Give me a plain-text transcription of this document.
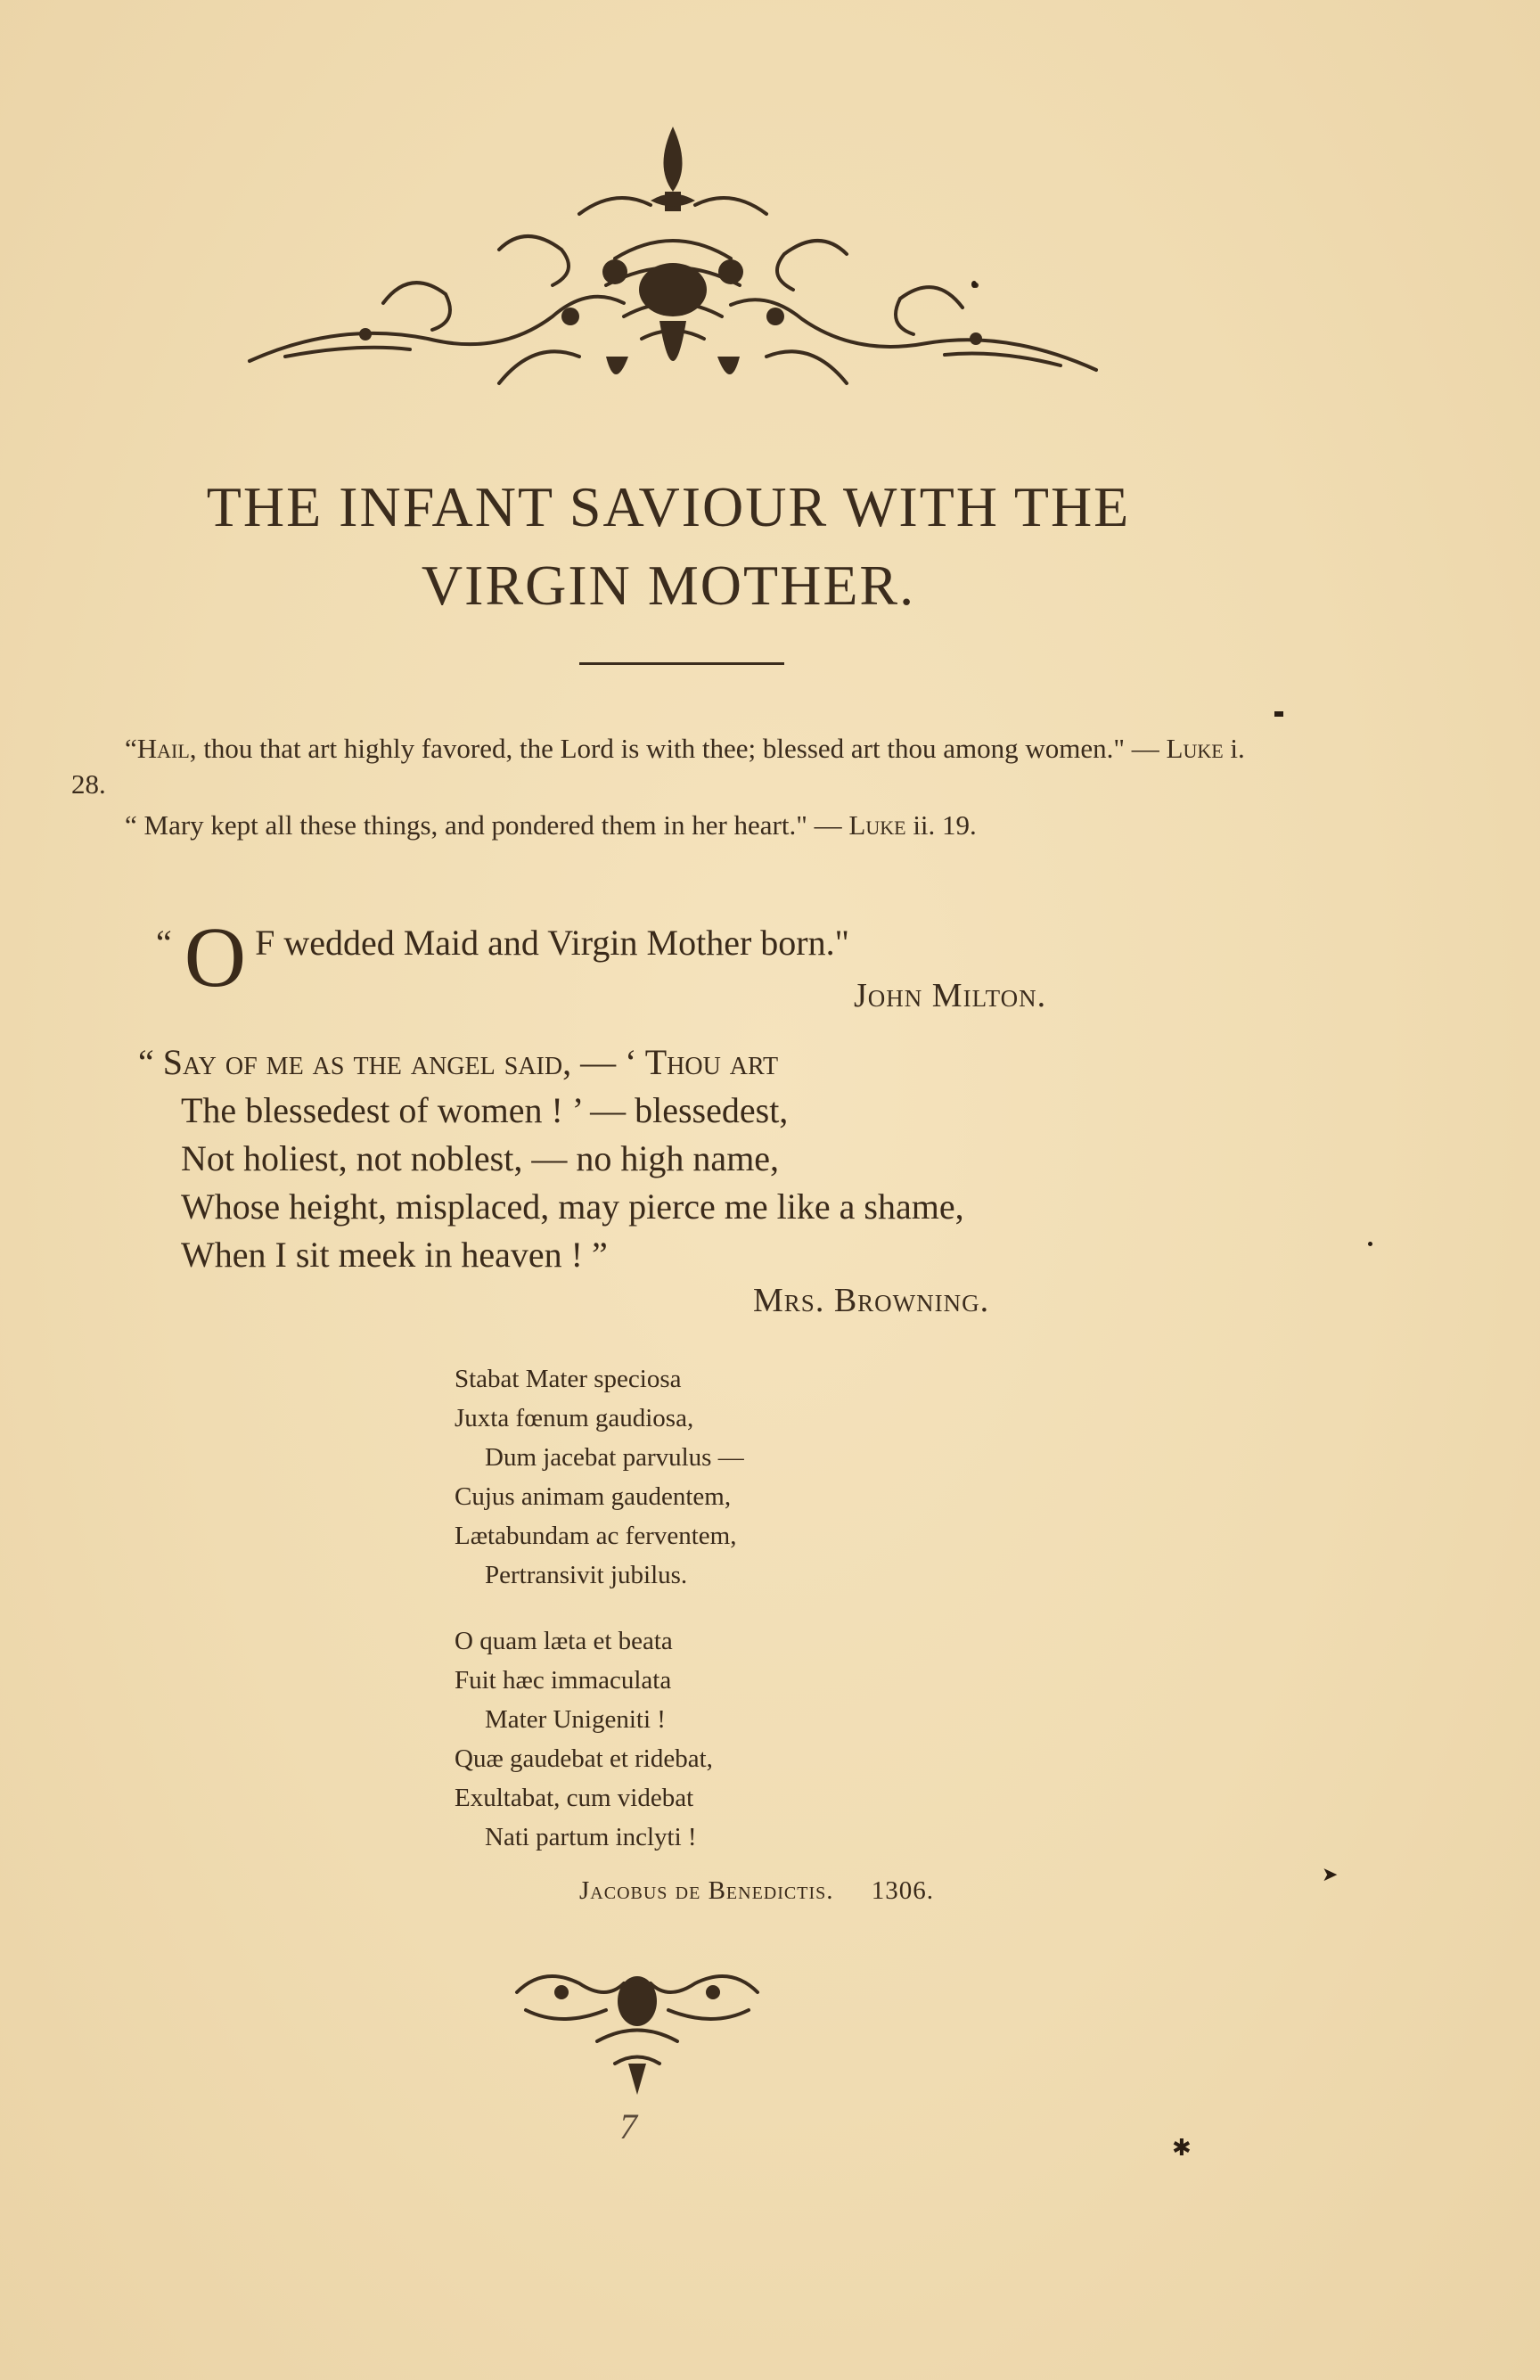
THE INFANT SAVIOUR WITH THE
VIRGIN MOTHER.

“Hail, thou that art highly favored, the Lord is with thee; blessed art thou among women." — Luke i. 28.

“ Mary kept all these things, and pondered them in her heart." — Luke ii. 19.

“ O F wedded Maid and Virgin Mother born."
John Milton.

“ Say of me as the angel said, — ‘ Thou art

The blessedest of women ! ’ — blessedest,

Not holiest, not noblest, — no high name,

Whose height, misplaced, may pierce me like a shame,

When I sit meek in heaven ! ”

Mrs. Browning.

Stabat Mater speciosa

Juxta fœnum gaudiosa,

Dum jacebat parvulus —

Cujus animam gaudentem,

Lætabundam ac ferventem,

Pertransivit jubilus.

O quam læta et beata

Fuit hæc immaculata

Mater Unigeniti !

Quæ gaudebat et ridebat,

Exultabat, cum videbat

Nati partum inclyti !

Jacobus de Benedictis. 1306.
7
✱
➤
